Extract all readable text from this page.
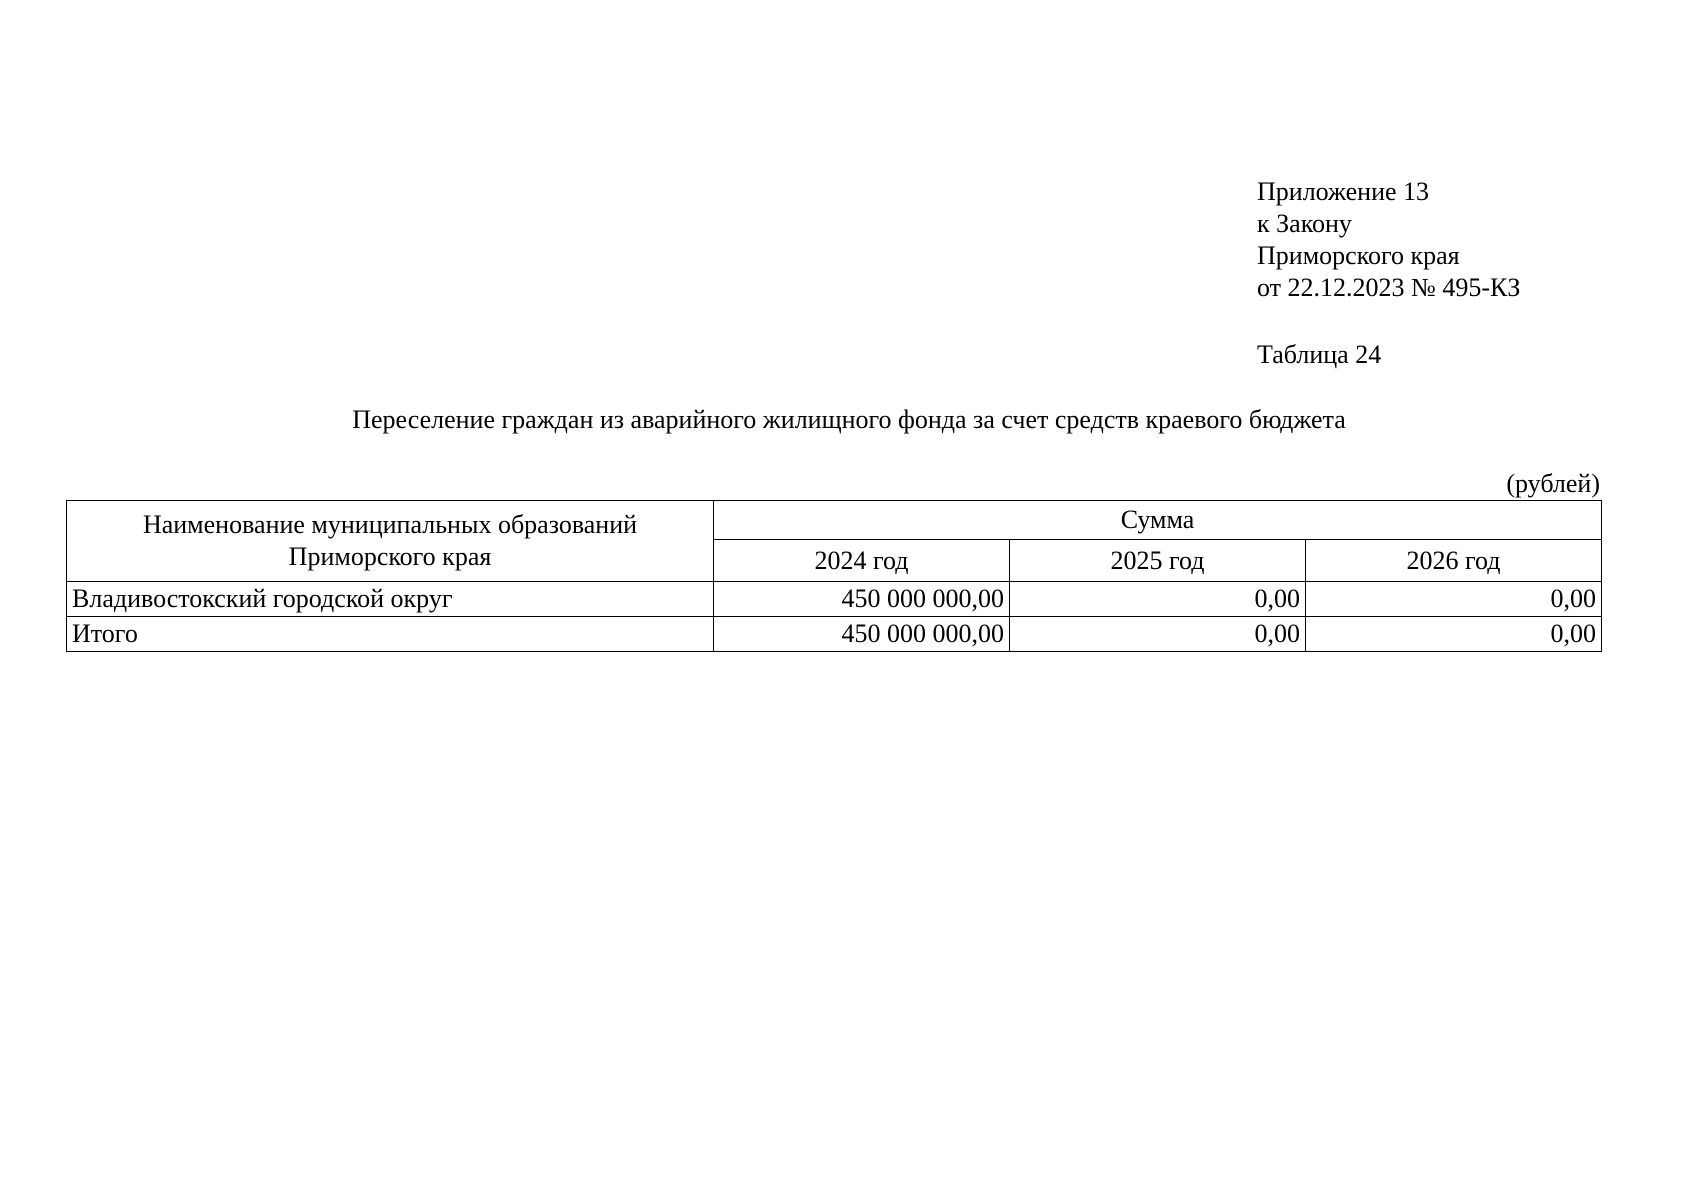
Приложение 13
к Закону
Приморского края
от 22.12.2023 № 495-КЗ
Таблица 24
Переселение граждан из аварийного жилищного фонда за счет средств краевого бюджета
(рублей)
Наименование муниципальных образований
Приморского края	Сумма		
	2024 год	2025 год	2026 год
Владивостокский городской округ	450 000 000,00	0,00	0,00
Итого	450 000 000,00	0,00	0,00
